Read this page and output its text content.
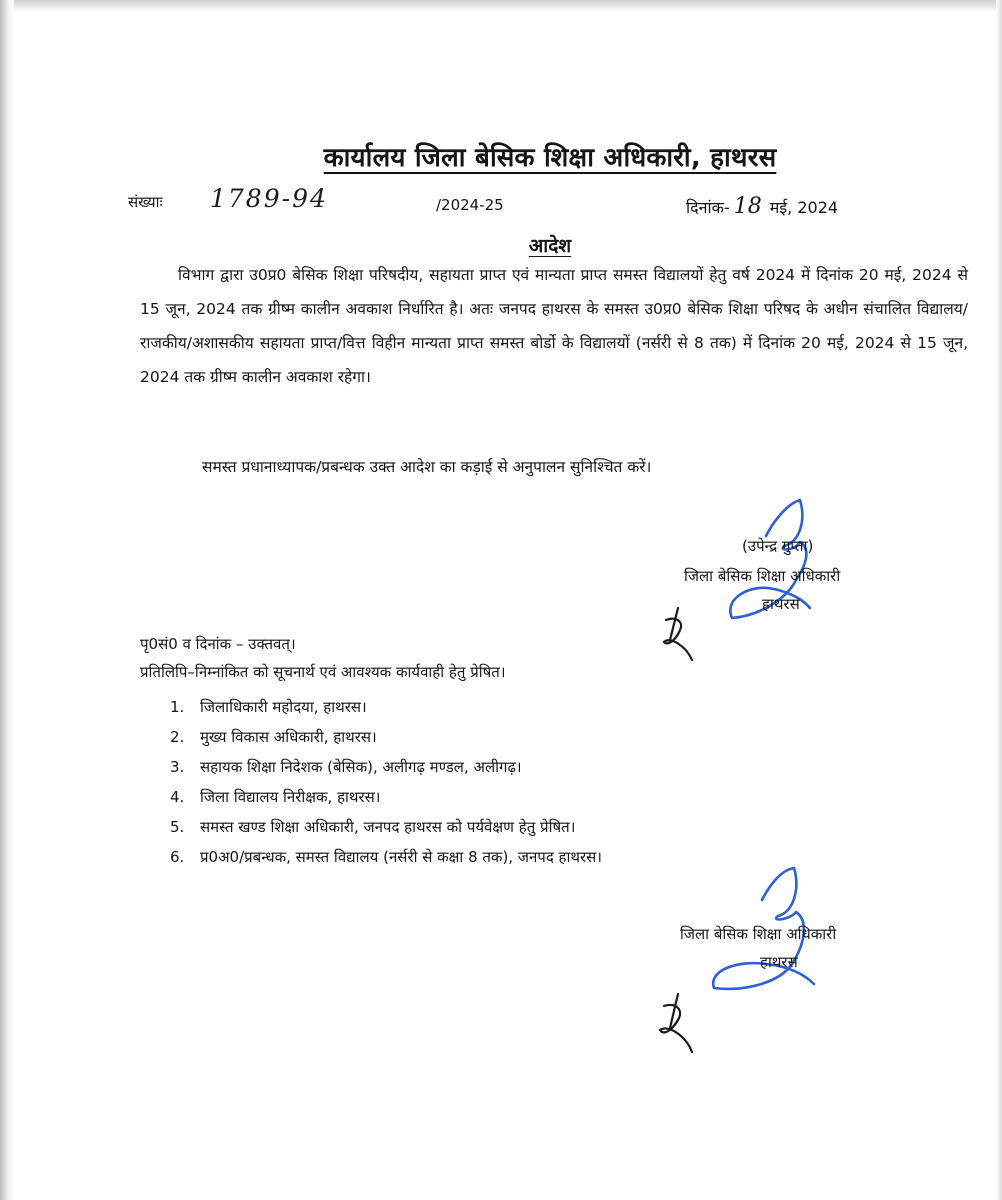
कार्यालय जिला बेसिक शिक्षा अधिकारी, हाथरस
संख्याः 1789-94	/2024-25	दिनांक- 18 मई, 2024
आदेश
विभाग द्वारा उ0प्र0 बेसिक शिक्षा परिषदीय, सहायता प्राप्त एवं मान्यता प्राप्त समस्त विद्यालयों हेतु वर्ष 2024 में दिनांक 20 मई, 2024 से 15 जून, 2024 तक ग्रीष्म कालीन अवकाश निर्धारित है। अतः जनपद हाथरस के समस्त उ0प्र0 बेसिक शिक्षा परिषद के अधीन संचालित विद्यालय/राजकीय/अशासकीय सहायता प्राप्त/वित्त विहीन मान्यता प्राप्त समस्त बोर्डो के विद्यालयों (नर्सरी से 8 तक) में दिनांक 20 मई, 2024 से 15 जून, 2024 तक ग्रीष्म कालीन अवकाश रहेगा।
समस्त प्रधानाध्यापक/प्रबन्धक उक्त आदेश का कड़ाई से अनुपालन सुनिश्चित करें।
(उपेन्द्र गुप्ता)
जिला बेसिक शिक्षा अधिकारी
हाथरस
पृ0सं0 व दिनांक – उक्तवत्।
प्रतिलिपि–निम्नांकित को सूचनार्थ एवं आवश्यक कार्यवाही हेतु प्रेषित।
1. जिलाधिकारी महोदया, हाथरस।
2. मुख्य विकास अधिकारी, हाथरस।
3. सहायक शिक्षा निदेशक (बेसिक), अलीगढ़ मण्डल, अलीगढ़।
4. जिला विद्यालय निरीक्षक, हाथरस।
5. समस्त खण्ड शिक्षा अधिकारी, जनपद हाथरस को पर्यवेक्षण हेतु प्रेषित।
6. प्र0अ0/प्रबन्धक, समस्त विद्यालय (नर्सरी से कक्षा 8 तक), जनपद हाथरस।
जिला बेसिक शिक्षा अधिकारी
हाथरस
